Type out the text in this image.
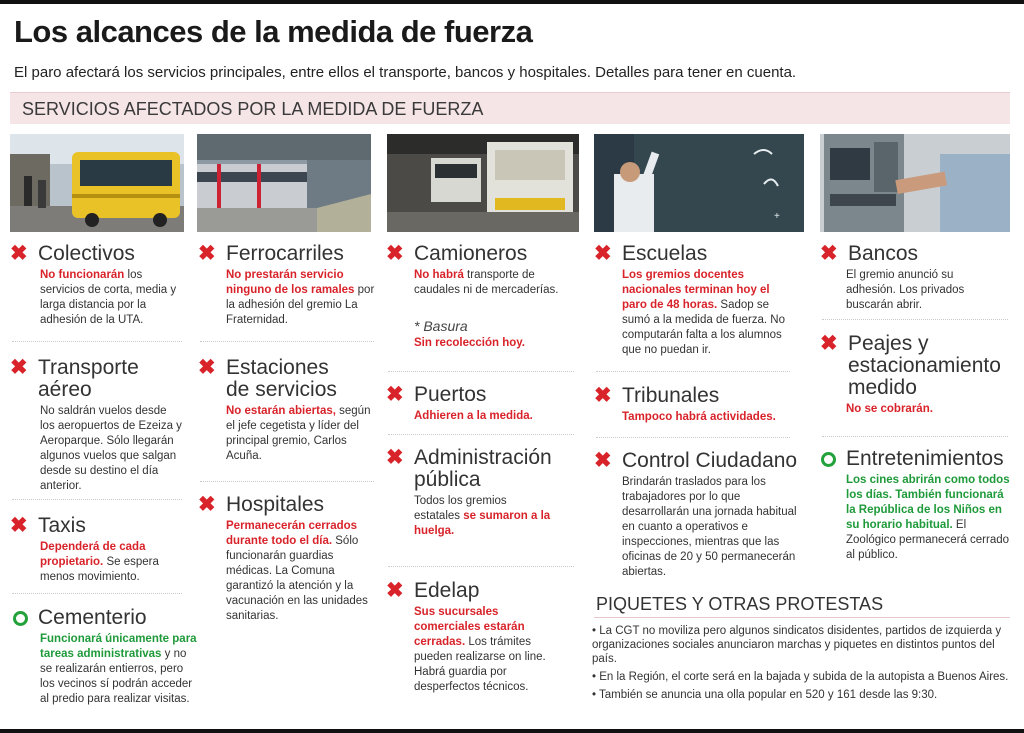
Los alcances de la medida de fuerza
El paro afectará los servicios principales, entre ellos el transporte, bancos y hospitales. Detalles para tener en cuenta.
SERVICIOS AFECTADOS POR LA MEDIDA DE FUERZA
+
✖ Colectivos
No funcionarán los servicios de corta, media y larga distancia por la adhesión de la UTA.
✖ Transporte
aéreo
No saldrán vuelos desde los aeropuertos de Ezeiza y Aeroparque. Sólo llegarán algunos vuelos que salgan desde su destino el día anterior.
✖ Taxis
Dependerá de cada propietario. Se espera menos movimiento.
Cementerio
Funcionará únicamente para tareas administrativas y no se realizarán entierros, pero los vecinos sí podrán acceder al predio para realizar visitas.
✖ Ferrocarriles
No prestarán servicio ninguno de los ramales por la adhesión del gremio La Fraternidad.
✖ Estaciones
de servicios
No estarán abiertas, según el jefe cegetista y líder del principal gremio, Carlos Acuña.
✖ Hospitales
Permanecerán cerrados durante todo el día. Sólo funcionarán guardias médicas. La Comuna garantizó la atención y la vacunación en las unidades sanitarias.
✖ Camioneros
No habrá transporte de caudales ni de mercaderías.
* Basura
Sin recolección hoy.
✖ Puertos
Adhieren a la medida.
✖ Administración
pública
Todos los gremios estatales se sumaron a la huelga.
✖ Edelap
Sus sucursales comerciales estarán cerradas. Los trámites pueden realizarse on line. Habrá guardia por desperfectos técnicos.
✖ Escuelas
Los gremios docentes nacionales terminan hoy el paro de 48 horas. Sadop se sumó a la medida de fuerza. No computarán falta a los alumnos que no puedan ir.
✖ Tribunales
Tampoco habrá actividades.
✖ Control Ciudadano
Brindarán traslados para los trabajadores por lo que desarrollarán una jornada habitual en cuanto a operativos e inspecciones, mientras que las oficinas de 20 y 50 permanecerán abiertas.
✖ Bancos
El gremio anunció su adhesión. Los privados buscarán abrir.
✖ Peajes y
estacionamiento
medido
No se cobrarán.
Entretenimientos
Los cines abrirán como todos los días. También funcionará la República de los Niños en su horario habitual. El Zoológico permanecerá cerrado al público.
PIQUETES Y OTRAS PROTESTAS
• La CGT no moviliza pero algunos sindicatos disidentes, partidos de izquierda y organizaciones sociales anunciaron marchas y piquetes en distintos puntos del país.
• En la Región, el corte será en la bajada y subida de la autopista a Buenos Aires.
• También se anuncia una olla popular en 520 y 161 desde las 9:30.
